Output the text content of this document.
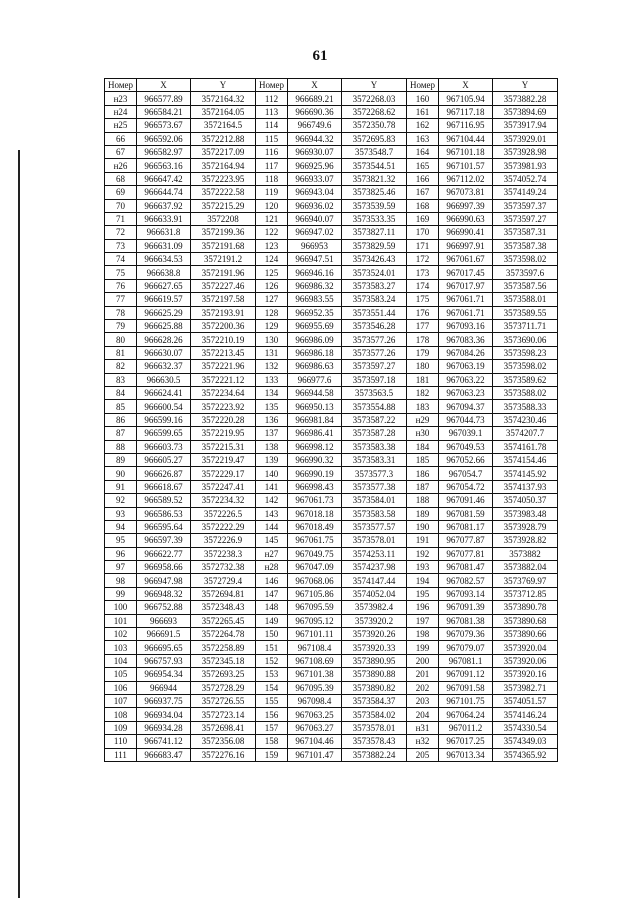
61
Номер	X	Y	Номер	X	Y	Номер	X	Y
н23	966577.89	3572164.32	112	966689.21	3572268.03	160	967105.94	3573882.28
н24	966584.21	3572164.05	113	966690.36	3572268.62	161	967117.18	3573894.69
н25	966573.67	3572164.5	114	966749.6	3572350.78	162	967116.95	3573917.94
66	966592.06	3572212.88	115	966944.32	3572695.83	163	967104.44	3573929.01
67	966582.97	3572217.09	116	966930.07	3573548.7	164	967101.18	3573928.98
н26	966563.16	3572164.94	117	966925.96	3573544.51	165	967101.57	3573981.93
68	966647.42	3572223.95	118	966933.07	3573821.32	166	967112.02	3574052.74
69	966644.74	3572222.58	119	966943.04	3573825.46	167	967073.81	3574149.24
70	966637.92	3572215.29	120	966936.02	3573539.59	168	966997.39	3573597.37
71	966633.91	3572208	121	966940.07	3573533.35	169	966990.63	3573597.27
72	966631.8	3572199.36	122	966947.02	3573827.11	170	966990.41	3573587.31
73	966631.09	3572191.68	123	966953	3573829.59	171	966997.91	3573587.38
74	966634.53	3572191.2	124	966947.51	3573426.43	172	967061.67	3573598.02
75	966638.8	3572191.96	125	966946.16	3573524.01	173	967017.45	3573597.6
76	966627.65	3572227.46	126	966986.32	3573583.27	174	967017.97	3573587.56
77	966619.57	3572197.58	127	966983.55	3573583.24	175	967061.71	3573588.01
78	966625.29	3572193.91	128	966952.35	3573551.44	176	967061.71	3573589.55
79	966625.88	3572200.36	129	966955.69	3573546.28	177	967093.16	3573711.71
80	966628.26	3572210.19	130	966986.09	3573577.26	178	967083.36	3573690.06
81	966630.07	3572213.45	131	966986.18	3573577.26	179	967084.26	3573598.23
82	966632.37	3572221.96	132	966986.63	3573597.27	180	967063.19	3573598.02
83	966630.5	3572221.12	133	966977.6	3573597.18	181	967063.22	3573589.62
84	966624.41	3572234.64	134	966944.58	3573563.5	182	967063.23	3573588.02
85	966600.54	3572223.92	135	966950.13	3573554.88	183	967094.37	3573588.33
86	966599.16	3572220.28	136	966981.84	3573587.22	н29	967044.73	3574230.46
87	966599.65	3572219.95	137	966986.41	3573587.28	н30	967039.1	3574207.7
88	966603.73	3572215.31	138	966998.12	3573583.38	184	967049.53	3574161.78
89	966605.27	3572219.47	139	966990.32	3573583.31	185	967052.66	3574154.46
90	966626.87	3572229.17	140	966990.19	3573577.3	186	967054.7	3574145.92
91	966618.67	3572247.41	141	966998.43	3573577.38	187	967054.72	3574137.93
92	966589.52	3572234.32	142	967061.73	3573584.01	188	967091.46	3574050.37
93	966586.53	3572226.5	143	967018.18	3573583.58	189	967081.59	3573983.48
94	966595.64	3572222.29	144	967018.49	3573577.57	190	967081.17	3573928.79
95	966597.39	3572226.9	145	967061.75	3573578.01	191	967077.87	3573928.82
96	966622.77	3572238.3	н27	967049.75	3574253.11	192	967077.81	3573882
97	966958.66	3572732.38	н28	967047.09	3574237.98	193	967081.47	3573882.04
98	966947.98	3572729.4	146	967068.06	3574147.44	194	967082.57	3573769.97
99	966948.32	3572694.81	147	967105.86	3574052.04	195	967093.14	3573712.85
100	966752.88	3572348.43	148	967095.59	3573982.4	196	967091.39	3573890.78
101	966693	3572265.45	149	967095.12	3573920.2	197	967081.38	3573890.68
102	966691.5	3572264.78	150	967101.11	3573920.26	198	967079.36	3573890.66
103	966695.65	3572258.89	151	967108.4	3573920.33	199	967079.07	3573920.04
104	966757.93	3572345.18	152	967108.69	3573890.95	200	967081.1	3573920.06
105	966954.34	3572693.25	153	967101.38	3573890.88	201	967091.12	3573920.16
106	966944	3572728.29	154	967095.39	3573890.82	202	967091.58	3573982.71
107	966937.75	3572726.55	155	967098.4	3573584.37	203	967101.75	3574051.57
108	966934.04	3572723.14	156	967063.25	3573584.02	204	967064.24	3574146.24
109	966934.28	3572698.41	157	967063.27	3573578.01	н31	967011.2	3574330.54
110	966741.12	3572356.08	158	967104.46	3573578.43	н32	967017.25	3574349.03
111	966683.47	3572276.16	159	967101.47	3573882.24	205	967013.34	3574365.92
